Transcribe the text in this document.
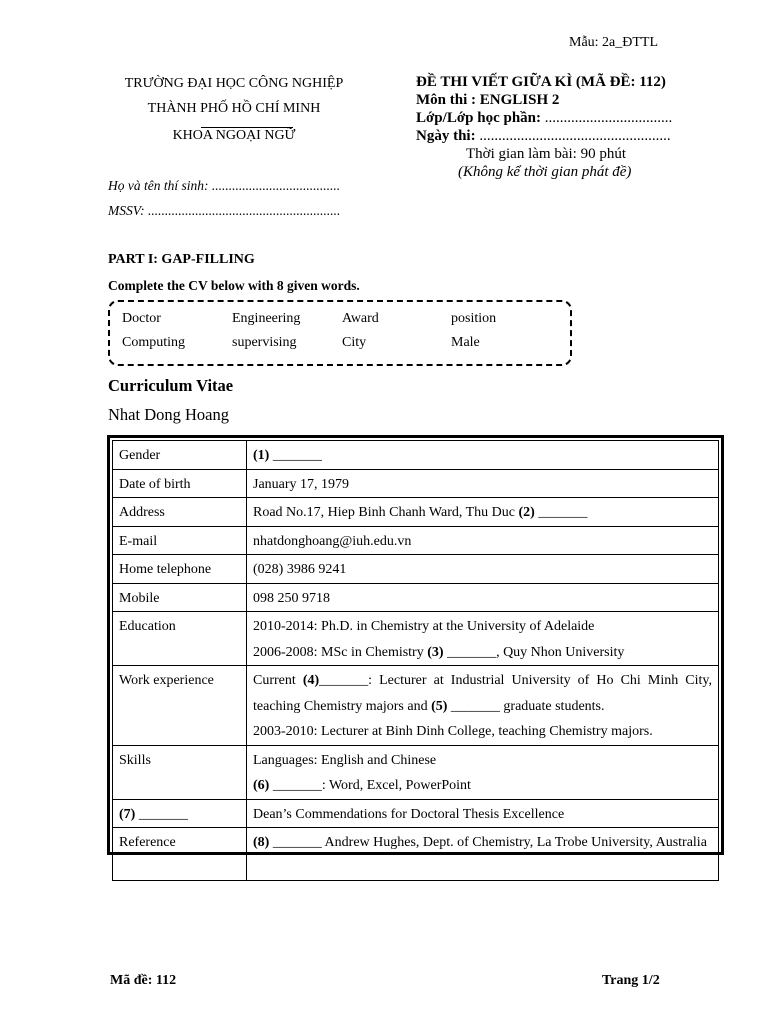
Mẫu: 2a_ĐTTL
TRƯỜNG ĐẠI HỌC CÔNG NGHIỆP
THÀNH PHỐ HỒ CHÍ MINH
KHOA NGOẠI NGỮ
ĐỀ THI VIẾT GIỮA KÌ (MÃ ĐỀ: 112)
Môn thi : ENGLISH 2
Lớp/Lớp học phần: ..................................
Ngày thi: ...................................................
Thời gian làm bài: 90 phút
(Không kể thời gian phát đề)
Họ và tên thí sinh: ......................................
MSSV: .........................................................
PART I: GAP-FILLING
Complete the CV below with 8 given words.
Doctor	Engineering	Award	position
Computing	supervising	City	Male
Curriculum Vitae
Nhat Dong Hoang
Gender	(1) _______
Date of birth	January 17, 1979
Address	Road No.17, Hiep Binh Chanh Ward, Thu Duc (2) _______
E-mail	nhatdonghoang@iuh.edu.vn
Home telephone	(028) 3986 9241
Mobile	098 250 9718
Education	2010-2014: Ph.D. in Chemistry at the University of Adelaide
2006-2008: MSc in Chemistry (3) _______, Quy Nhon University

Work experience	Current (4)_______: Lecturer at Industrial University of Ho Chi Minh City, teaching Chemistry majors and (5) _______ graduate students.
2003-2010: Lecturer at Binh Dinh College, teaching Chemistry majors.

Skills	Languages: English and Chinese
(6) _______: Word, Excel, PowerPoint

(7) _______	Dean’s Commendations for Doctoral Thesis Excellence
Reference	(8) _______ Andrew Hughes, Dept. of Chemistry, La Trobe University, Australia
Mã đề: 112	Trang 1/2
